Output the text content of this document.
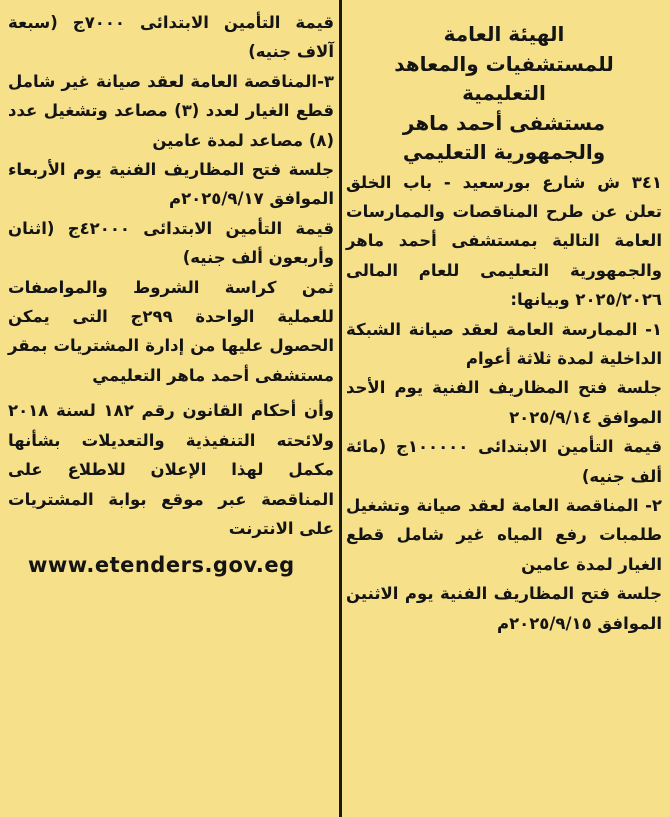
الهيئة العامة
للمستشفيات والمعاهد
التعليمية
مستشفى أحمد ماهر
والجمهورية التعليمي

٣٤١ ش شارع بورسعيد - باب الخلق تعلن عن طرح المناقصات والممارسات العامة التالية بمستشفى أحمد ماهر والجمهورية التعليمى للعام المالى ٢٠٢٥/٢٠٢٦ وبيانها:

١- الممارسة العامة لعقد صيانة الشبكة الداخلية لمدة ثلاثة أعوام

جلسة فتح المظاريف الفنية يوم الأحد الموافق ٢٠٢٥/٩/١٤

قيمة التأمين الابتدائى ١٠٠٠٠٠ج (مائة ألف جنيه)

٢- المناقصة العامة لعقد صيانة وتشغيل طلمبات رفع المياه غير شامل قطع الغيار لمدة عامين

جلسة فتح المظاريف الفنية يوم الاثنين الموافق ٢٠٢٥/٩/١٥م

قيمة التأمين الابتدائى ٧٠٠٠ج (سبعة آلاف جنيه)

٣-المناقصة العامة لعقد صيانة غير شامل قطع الغيار لعدد (٣) مصاعد وتشغيل عدد (٨) مصاعد لمدة عامين

جلسة فتح المظاريف الفنية يوم الأربعاء الموافق ٢٠٢٥/٩/١٧م

قيمة التأمين الابتدائى ٤٢٠٠٠ج (اثنان وأربعون ألف جنيه)

ثمن كراسة الشروط والمواصفات للعملية الواحدة ٢٩٩ج التى يمكن الحصول عليها من إدارة المشتريات بمقر مستشفى أحمد ماهر التعليمي

وأن أحكام القانون رقم ١٨٢ لسنة ٢٠١٨ ولائحته التنفيذية والتعديلات بشأنها مكمل لهذا الإعلان للاطلاع على المناقصة عبر موقع بوابة المشتريات على الانترنت

www.etenders.gov.eg
